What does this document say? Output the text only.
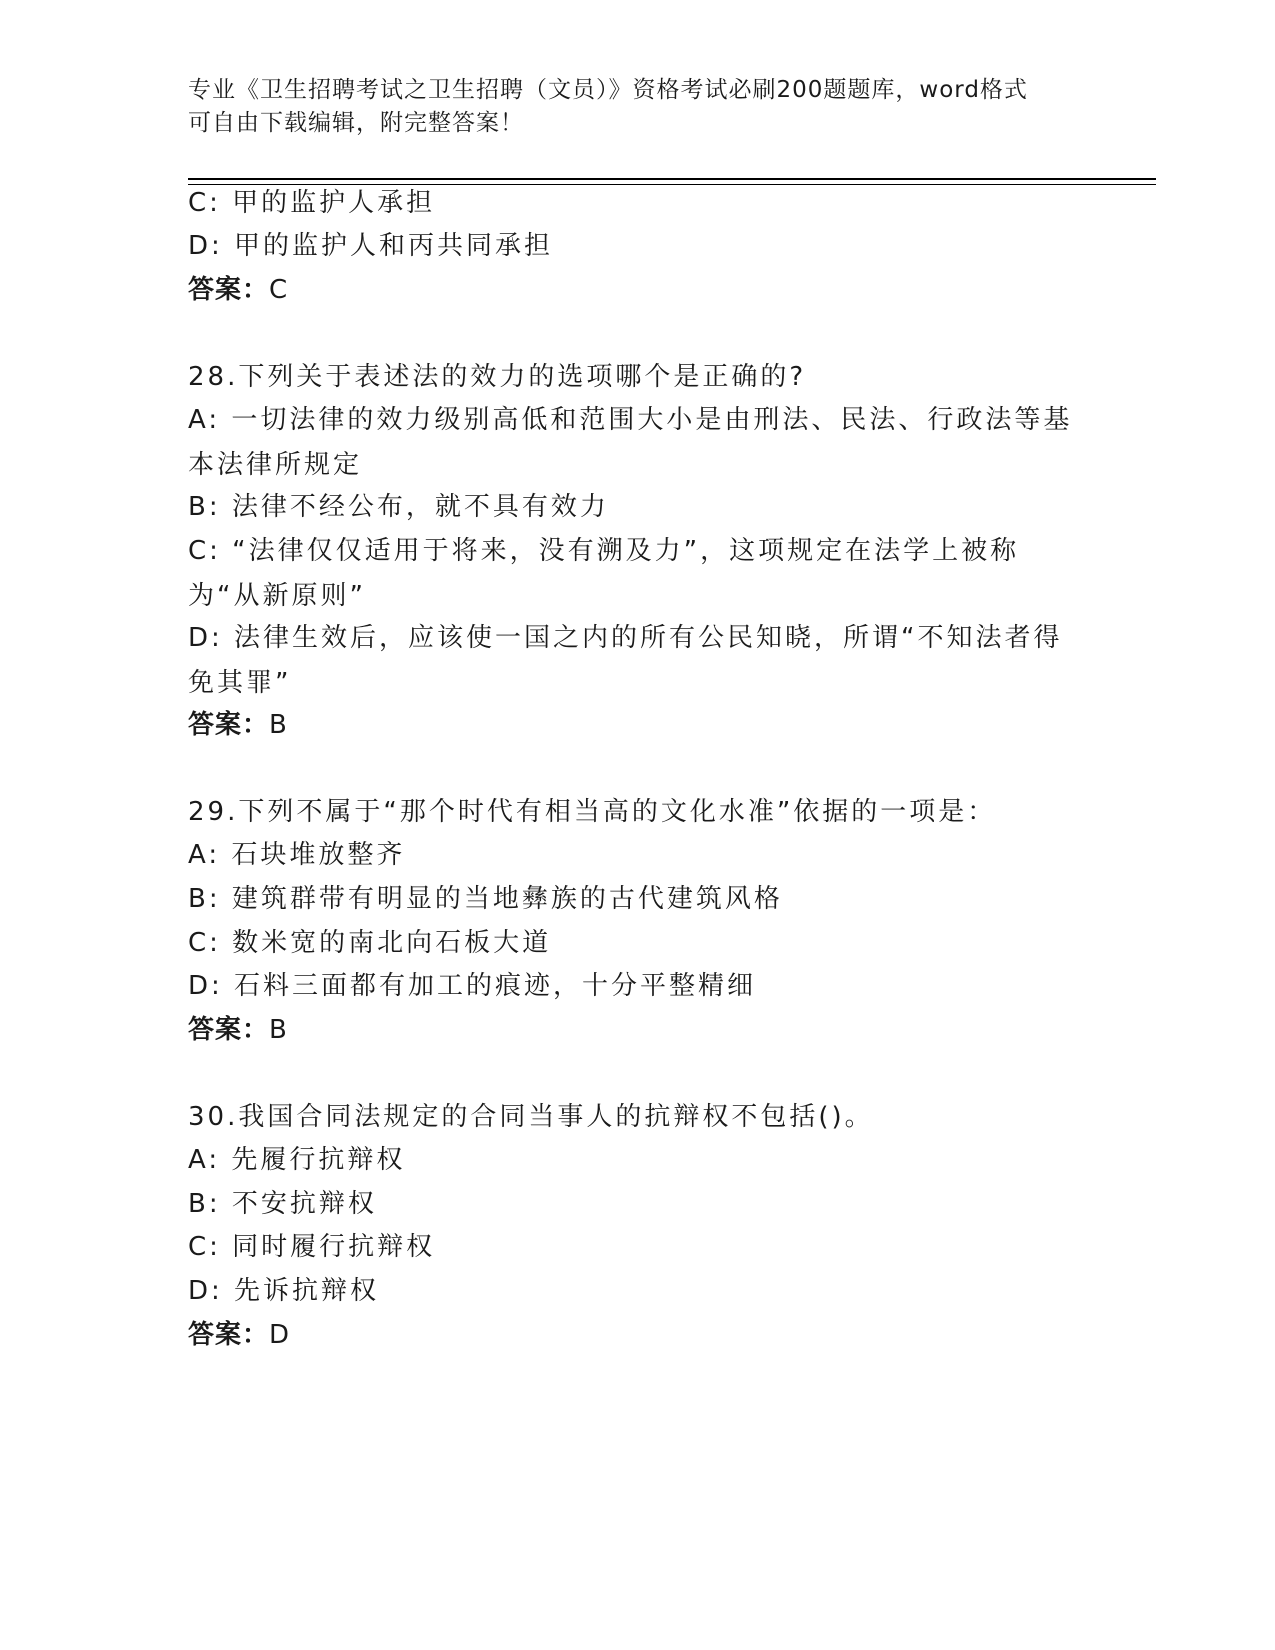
专业《卫生招聘考试之卫生招聘（文员）》资格考试必刷200题题库，word格式
可自由下载编辑，附完整答案！
C: 甲的监护人承担
D: 甲的监护人和丙共同承担
答案：C
28.下列关于表述法的效力的选项哪个是正确的?
A: 一切法律的效力级别高低和范围大小是由刑法、民法、行政法等基本法律所规定
B: 法律不经公布，就不具有效力
C: “法律仅仅适用于将来，没有溯及力”，这项规定在法学上被称为“从新原则”
D: 法律生效后，应该使一国之内的所有公民知晓，所谓“不知法者得免其罪”
答案：B
29.下列不属于“那个时代有相当高的文化水准”依据的一项是：
A: 石块堆放整齐
B: 建筑群带有明显的当地彝族的古代建筑风格
C: 数米宽的南北向石板大道
D: 石料三面都有加工的痕迹，十分平整精细
答案：B
30.我国合同法规定的合同当事人的抗辩权不包括()。
A: 先履行抗辩权
B: 不安抗辩权
C: 同时履行抗辩权
D: 先诉抗辩权
答案：D
